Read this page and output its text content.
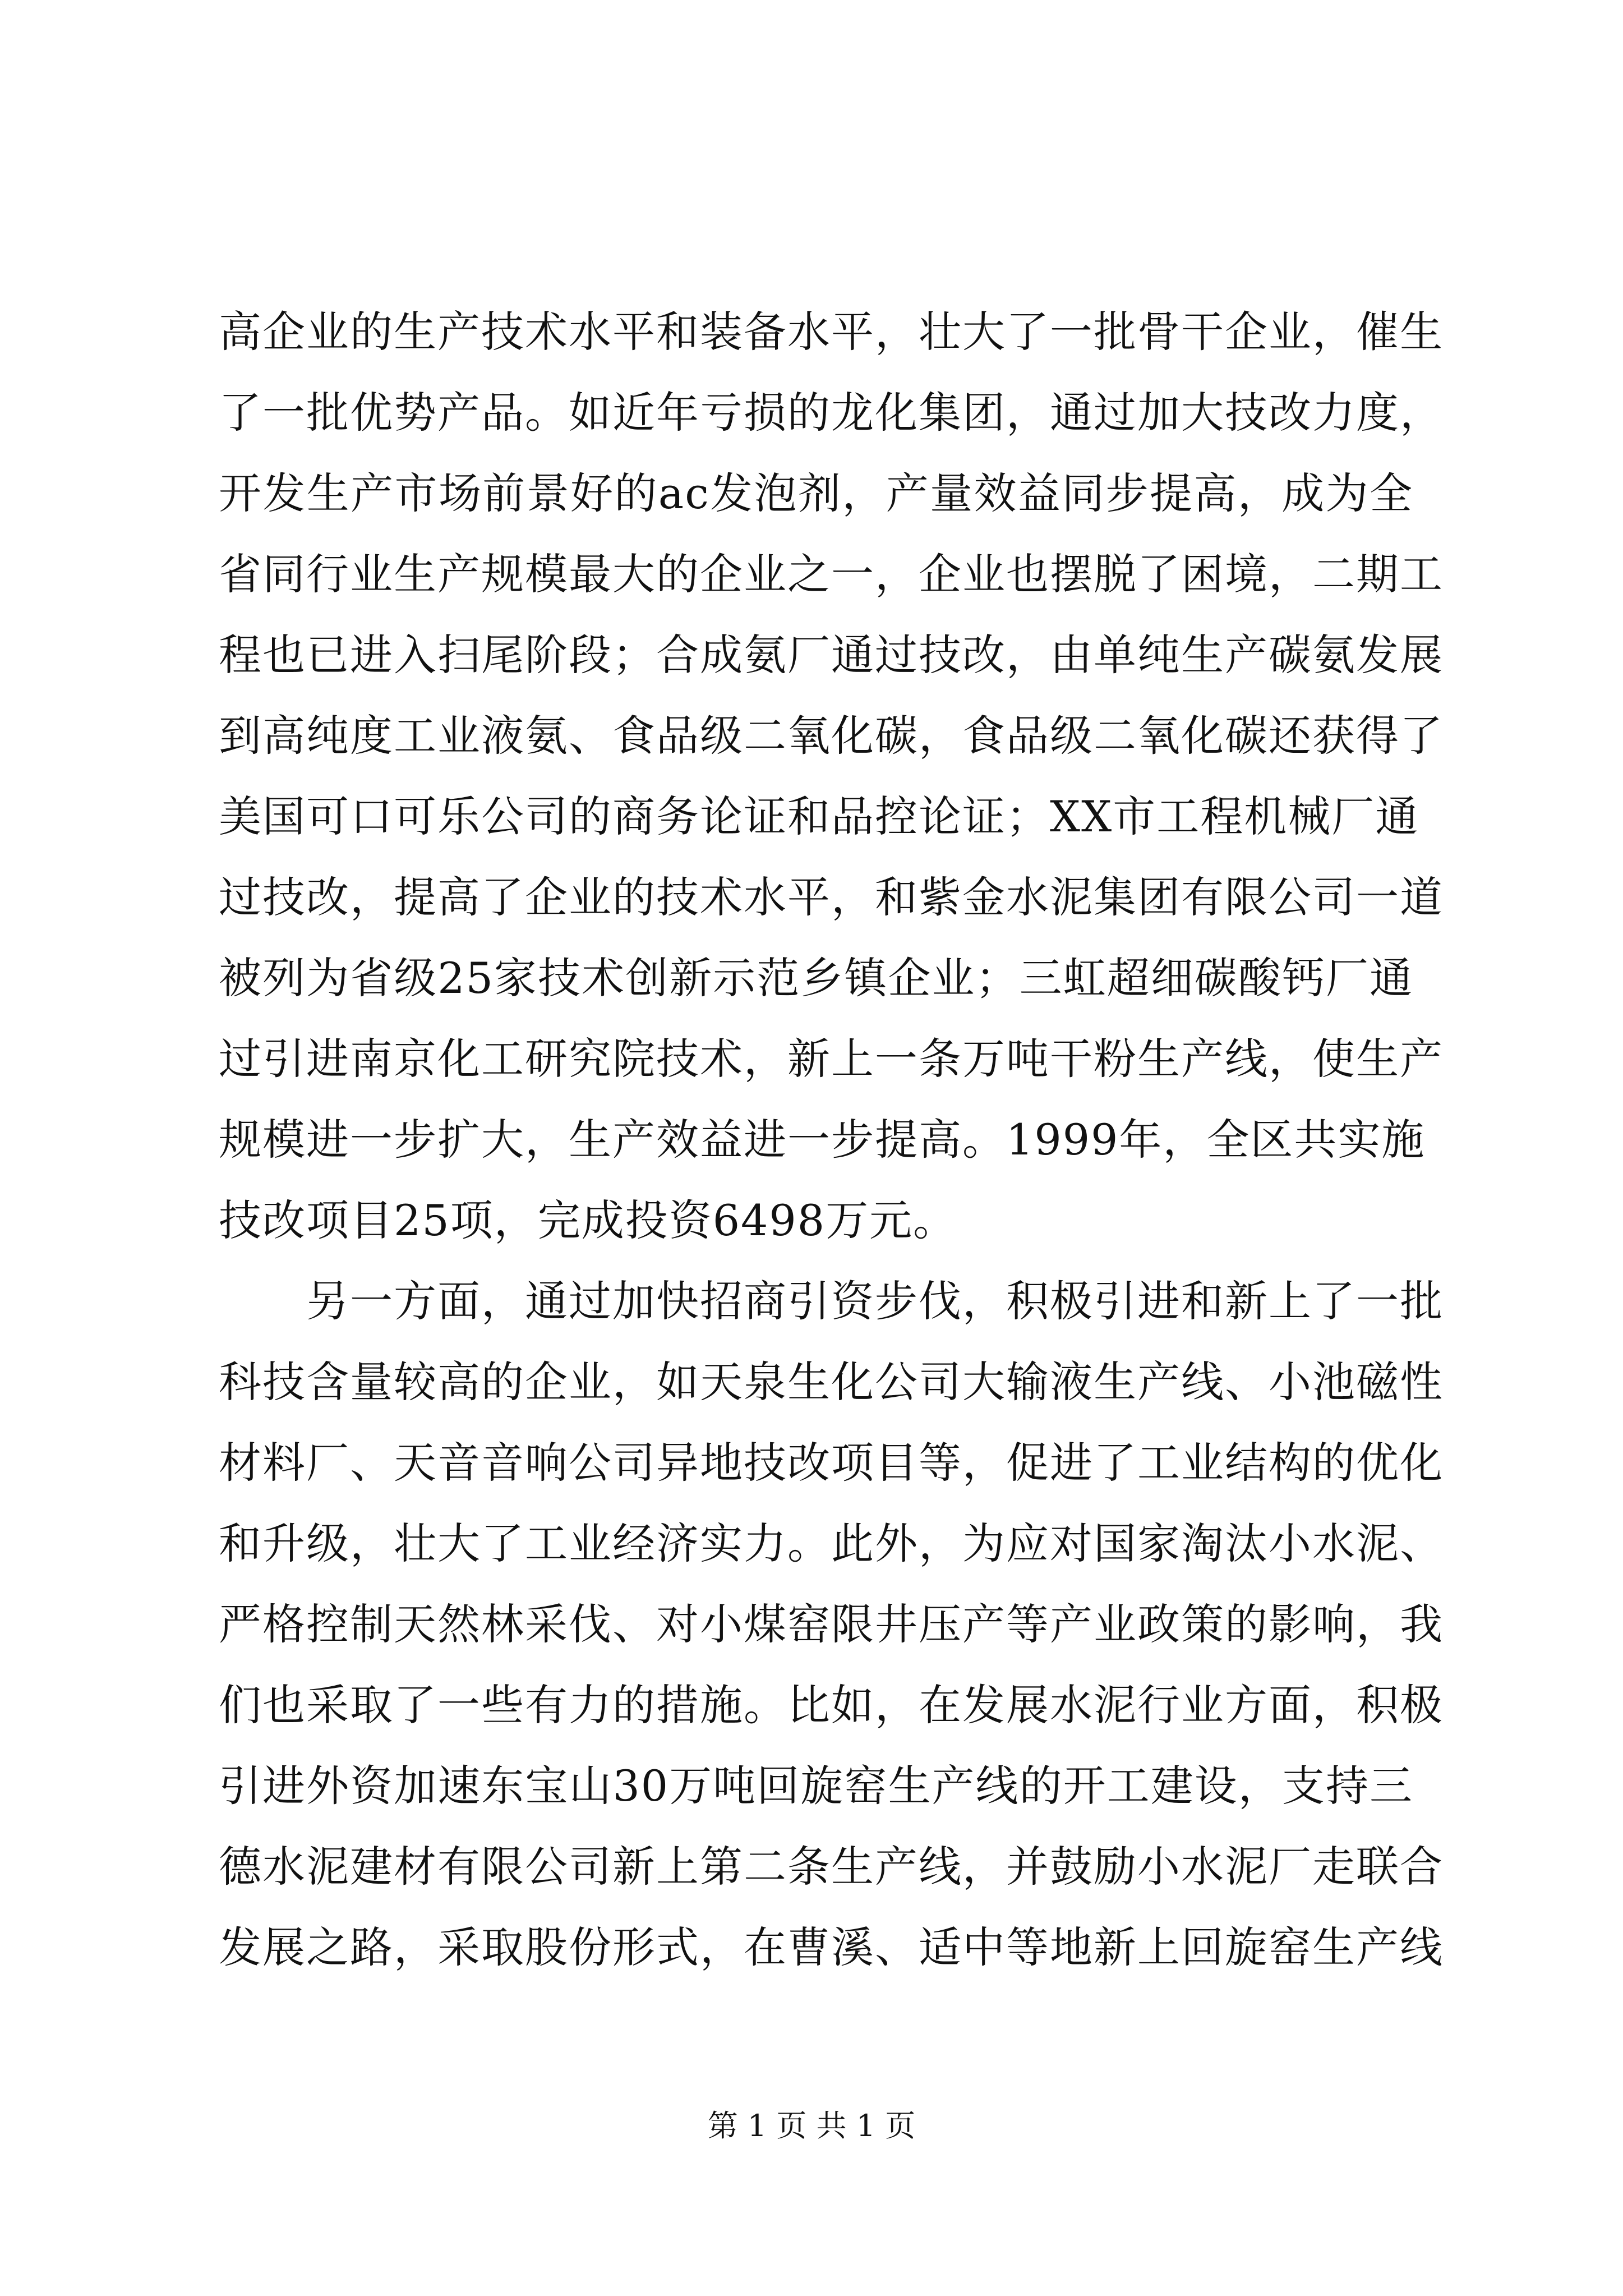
高企业的生产技术水平和装备水平，壮大了一批骨干企业，催生
了一批优势产品。如近年亏损的龙化集团，通过加大技改力度，
开发生产市场前景好的ac发泡剂，产量效益同步提高，成为全
省同行业生产规模最大的企业之一，企业也摆脱了困境，二期工
程也已进入扫尾阶段；合成氨厂通过技改，由单纯生产碳氨发展
到高纯度工业液氨、食品级二氧化碳，食品级二氧化碳还获得了
美国可口可乐公司的商务论证和品控论证；XX市工程机械厂通
过技改，提高了企业的技术水平，和紫金水泥集团有限公司一道
被列为省级25家技术创新示范乡镇企业；三虹超细碳酸钙厂通
过引进南京化工研究院技术，新上一条万吨干粉生产线，使生产
规模进一步扩大，生产效益进一步提高。1999年，全区共实施
技改项目25项，完成投资6498万元。
另一方面，通过加快招商引资步伐，积极引进和新上了一批
科技含量较高的企业，如天泉生化公司大输液生产线、小池磁性
材料厂、天音音响公司异地技改项目等，促进了工业结构的优化
和升级，壮大了工业经济实力。此外，为应对国家淘汰小水泥、
严格控制天然林采伐、对小煤窑限井压产等产业政策的影响，我
们也采取了一些有力的措施。比如，在发展水泥行业方面，积极
引进外资加速东宝山30万吨回旋窑生产线的开工建设，支持三
德水泥建材有限公司新上第二条生产线，并鼓励小水泥厂走联合
发展之路，采取股份形式，在曹溪、适中等地新上回旋窑生产线
第 1 页 共 1 页
